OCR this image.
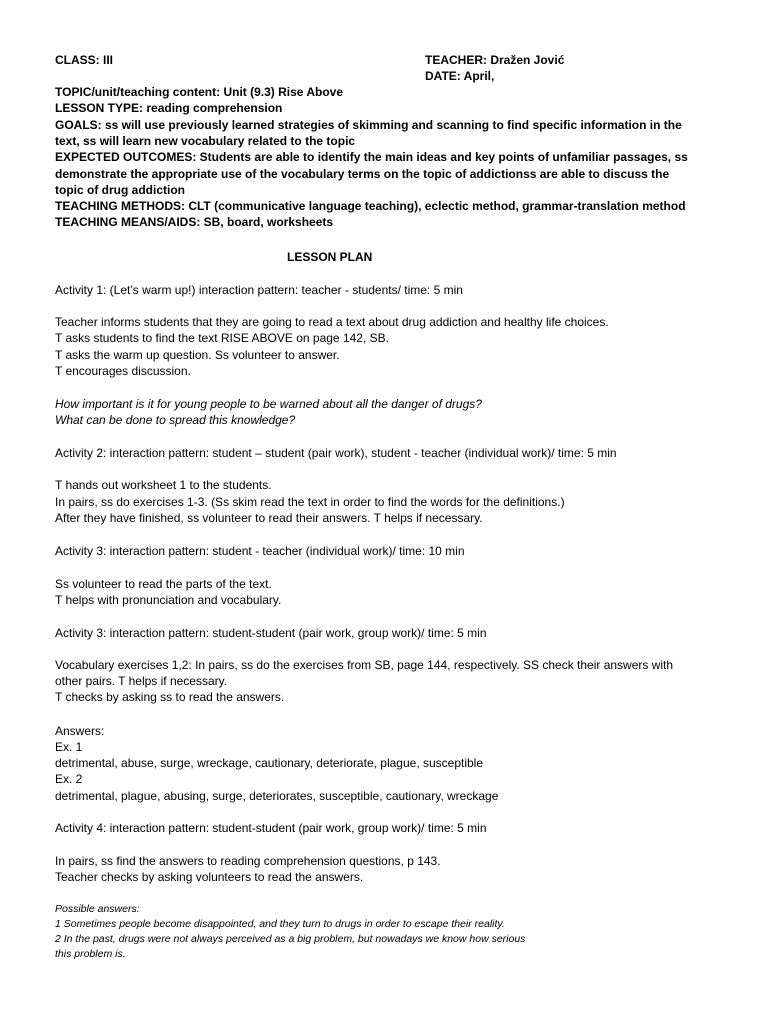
CLASS: III	TEACHER: Dražen Jović
DATE: April,
TOPIC/unit/teaching content: Unit (9.3) Rise Above
LESSON TYPE: reading comprehension
GOALS: ss will use previously learned strategies of skimming and scanning to find specific information in the
text, ss will learn new vocabulary related to the topic
EXPECTED OUTCOMES: Students are able to identify the main ideas and key points of unfamiliar passages, ss
demonstrate the appropriate use of the vocabulary terms on the topic of addictionss are able to discuss the
topic of drug addiction
TEACHING METHODS: CLT (communicative language teaching), eclectic method, grammar-translation method
TEACHING MEANS/AIDS: SB, board, worksheets
LESSON PLAN
Activity 1: (Let’s warm up!) interaction pattern: teacher - students/ time: 5 min
Teacher informs students that they are going to read a text about drug addiction and healthy life choices.
T asks students to find the text RISE ABOVE on page 142, SB.
T asks the warm up question. Ss volunteer to answer.
T encourages discussion.
How important is it for young people to be warned about all the danger of drugs?
What can be done to spread this knowledge?
Activity 2: interaction pattern: student – student (pair work), student - teacher (individual work)/ time: 5 min
T hands out worksheet 1 to the students.
In pairs, ss do exercises 1-3. (Ss skim read the text in order to find the words for the definitions.)
After they have finished, ss volunteer to read their answers. T helps if necessary.
Activity 3: interaction pattern: student - teacher (individual work)/ time: 10 min
Ss volunteer to read the parts of the text.
T helps with pronunciation and vocabulary.
Activity 3: interaction pattern: student-student (pair work, group work)/ time: 5 min
Vocabulary exercises 1,2: In pairs, ss do the exercises from SB, page 144, respectively. SS check their answers with
other pairs. T helps if necessary.
T checks by asking ss to read the answers.
Answers:
Ex. 1
detrimental, abuse, surge, wreckage, cautionary, deteriorate, plague, susceptible
Ex. 2
detrimental, plague, abusing, surge, deteriorates, susceptible, cautionary, wreckage
Activity 4: interaction pattern: student-student (pair work, group work)/ time: 5 min
In pairs, ss find the answers to reading comprehension questions, p 143.
Teacher checks by asking volunteers to read the answers.
Possible answers:
1 Sometimes people become disappointed, and they turn to drugs in order to escape their reality.
2 In the past, drugs were not always perceived as a big problem, but nowadays we know how serious
this problem is.
